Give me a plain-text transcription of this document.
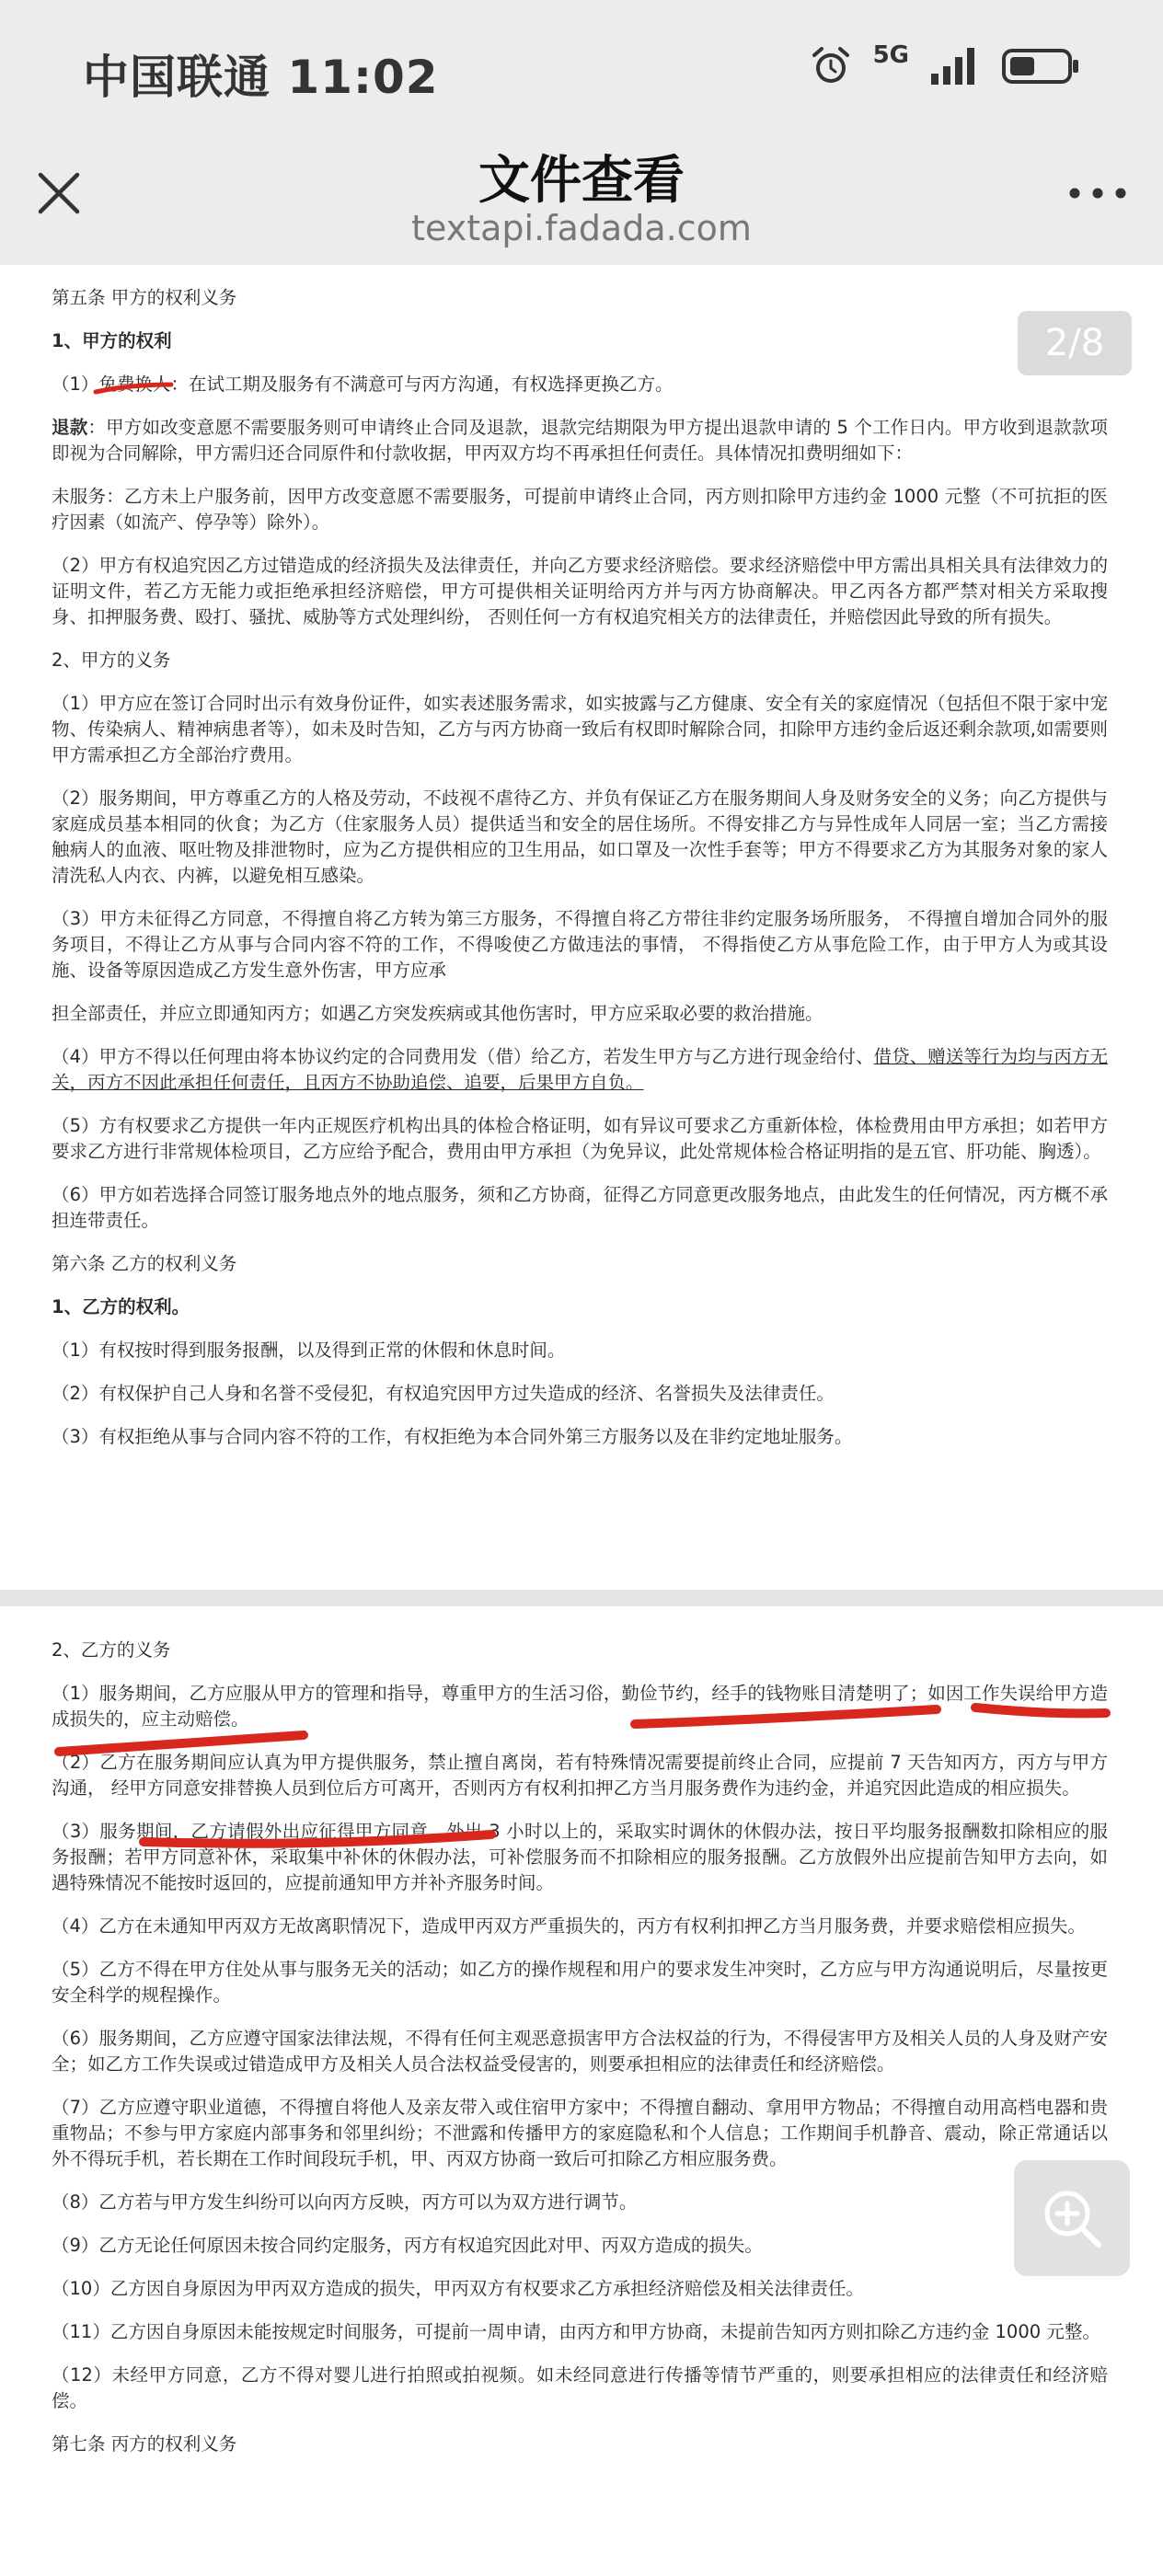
中国联通 11:02	5G
文件查看
textapi.fadada.com

第五条 甲方的权利义务

1、甲方的权利

（1）免费换人：在试工期及服务有不满意可与丙方沟通，有权选择更换乙方。

退款：甲方如改变意愿不需要服务则可申请终止合同及退款，退款完结期限为甲方提出退款申请的 5 个工作日内。甲方收到退款款项即视为合同解除，甲方需归还合同原件和付款收据，甲丙双方均不再承担任何责任。具体情况扣费明细如下：

未服务：乙方未上户服务前，因甲方改变意愿不需要服务，可提前申请终止合同，丙方则扣除甲方违约金 1000 元整（不可抗拒的医疗因素（如流产、停孕等）除外）。

（2）甲方有权追究因乙方过错造成的经济损失及法律责任，并向乙方要求经济赔偿。要求经济赔偿中甲方需出具相关具有法律效力的证明文件，若乙方无能力或拒绝承担经济赔偿，甲方可提供相关证明给丙方并与丙方协商解决。甲乙丙各方都严禁对相关方采取搜身、扣押服务费、殴打、骚扰、威胁等方式处理纠纷， 否则任何一方有权追究相关方的法律责任，并赔偿因此导致的所有损失。

2、甲方的义务

（1）甲方应在签订合同时出示有效身份证件，如实表述服务需求，如实披露与乙方健康、安全有关的家庭情况（包括但不限于家中宠物、传染病人、精神病患者等），如未及时告知，乙方与丙方协商一致后有权即时解除合同，扣除甲方违约金后返还剩余款项,如需要则甲方需承担乙方全部治疗费用。

（2）服务期间，甲方尊重乙方的人格及劳动，不歧视不虐待乙方、并负有保证乙方在服务期间人身及财务安全的义务；向乙方提供与家庭成员基本相同的伙食；为乙方（住家服务人员）提供适当和安全的居住场所。不得安排乙方与异性成年人同居一室；当乙方需接触病人的血液、呕吐物及排泄物时，应为乙方提供相应的卫生用品，如口罩及一次性手套等；甲方不得要求乙方为其服务对象的家人清洗私人内衣、内裤，以避免相互感染。

（3）甲方未征得乙方同意，不得擅自将乙方转为第三方服务，不得擅自将乙方带往非约定服务场所服务， 不得擅自增加合同外的服务项目，不得让乙方从事与合同内容不符的工作，不得唆使乙方做违法的事情， 不得指使乙方从事危险工作，由于甲方人为或其设施、设备等原因造成乙方发生意外伤害，甲方应承

担全部责任，并应立即通知丙方；如遇乙方突发疾病或其他伤害时，甲方应采取必要的救治措施。

（4）甲方不得以任何理由将本协议约定的合同费用发（借）给乙方，若发生甲方与乙方进行现金给付、借贷、赠送等行为均与丙方无关，丙方不因此承担任何责任，且丙方不协助追偿、追要，后果甲方自负。

（5）方有权要求乙方提供一年内正规医疗机构出具的体检合格证明，如有异议可要求乙方重新体检，体检费用由甲方承担；如若甲方要求乙方进行非常规体检项目，乙方应给予配合，费用由甲方承担（为免异议，此处常规体检合格证明指的是五官、肝功能、胸透）。

（6）甲方如若选择合同签订服务地点外的地点服务，须和乙方协商，征得乙方同意更改服务地点，由此发生的任何情况，丙方概不承担连带责任。

第六条 乙方的权利义务

1、乙方的权利。

（1）有权按时得到服务报酬，以及得到正常的休假和休息时间。

（2）有权保护自己人身和名誉不受侵犯，有权追究因甲方过失造成的经济、名誉损失及法律责任。

（3）有权拒绝从事与合同内容不符的工作，有权拒绝为本合同外第三方服务以及在非约定地址服务。

2/8

2、乙方的义务

（1）服务期间，乙方应服从甲方的管理和指导，尊重甲方的生活习俗，勤俭节约，经手的钱物账目清楚明了；如因工作失误给甲方造成损失的，应主动赔偿。

（2）乙方在服务期间应认真为甲方提供服务，禁止擅自离岗，若有特殊情况需要提前终止合同，应提前 7 天告知丙方，丙方与甲方沟通， 经甲方同意安排替换人员到位后方可离开，否则丙方有权利扣押乙方当月服务费作为违约金，并追究因此造成的相应损失。

（3）服务期间，乙方请假外出应征得甲方同意，外出 3 小时以上的，采取实时调休的休假办法，按日平均服务报酬数扣除相应的服务报酬；若甲方同意补休，采取集中补休的休假办法，可补偿服务而不扣除相应的服务报酬。乙方放假外出应提前告知甲方去向，如遇特殊情况不能按时返回的，应提前通知甲方并补齐服务时间。

（4）乙方在未通知甲丙双方无故离职情况下，造成甲丙双方严重损失的，丙方有权利扣押乙方当月服务费，并要求赔偿相应损失。

（5）乙方不得在甲方住处从事与服务无关的活动；如乙方的操作规程和用户的要求发生冲突时，乙方应与甲方沟通说明后，尽量按更安全科学的规程操作。

（6）服务期间，乙方应遵守国家法律法规，不得有任何主观恶意损害甲方合法权益的行为，不得侵害甲方及相关人员的人身及财产安全；如乙方工作失误或过错造成甲方及相关人员合法权益受侵害的，则要承担相应的法律责任和经济赔偿。

（7）乙方应遵守职业道德，不得擅自将他人及亲友带入或住宿甲方家中；不得擅自翻动、拿用甲方物品；不得擅自动用高档电器和贵重物品；不参与甲方家庭内部事务和邻里纠纷；不泄露和传播甲方的家庭隐私和个人信息；工作期间手机静音、震动，除正常通话以外不得玩手机，若长期在工作时间段玩手机，甲、丙双方协商一致后可扣除乙方相应服务费。

（8）乙方若与甲方发生纠纷可以向丙方反映，丙方可以为双方进行调节。

（9）乙方无论任何原因未按合同约定服务，丙方有权追究因此对甲、丙双方造成的损失。

（10）乙方因自身原因为甲丙双方造成的损失，甲丙双方有权要求乙方承担经济赔偿及相关法律责任。

（11）乙方因自身原因未能按规定时间服务，可提前一周申请，由丙方和甲方协商，未提前告知丙方则扣除乙方违约金 1000 元整。

（12）未经甲方同意，乙方不得对婴儿进行拍照或拍视频。如未经同意进行传播等情节严重的，则要承担相应的法律责任和经济赔偿。

第七条 丙方的权利义务
